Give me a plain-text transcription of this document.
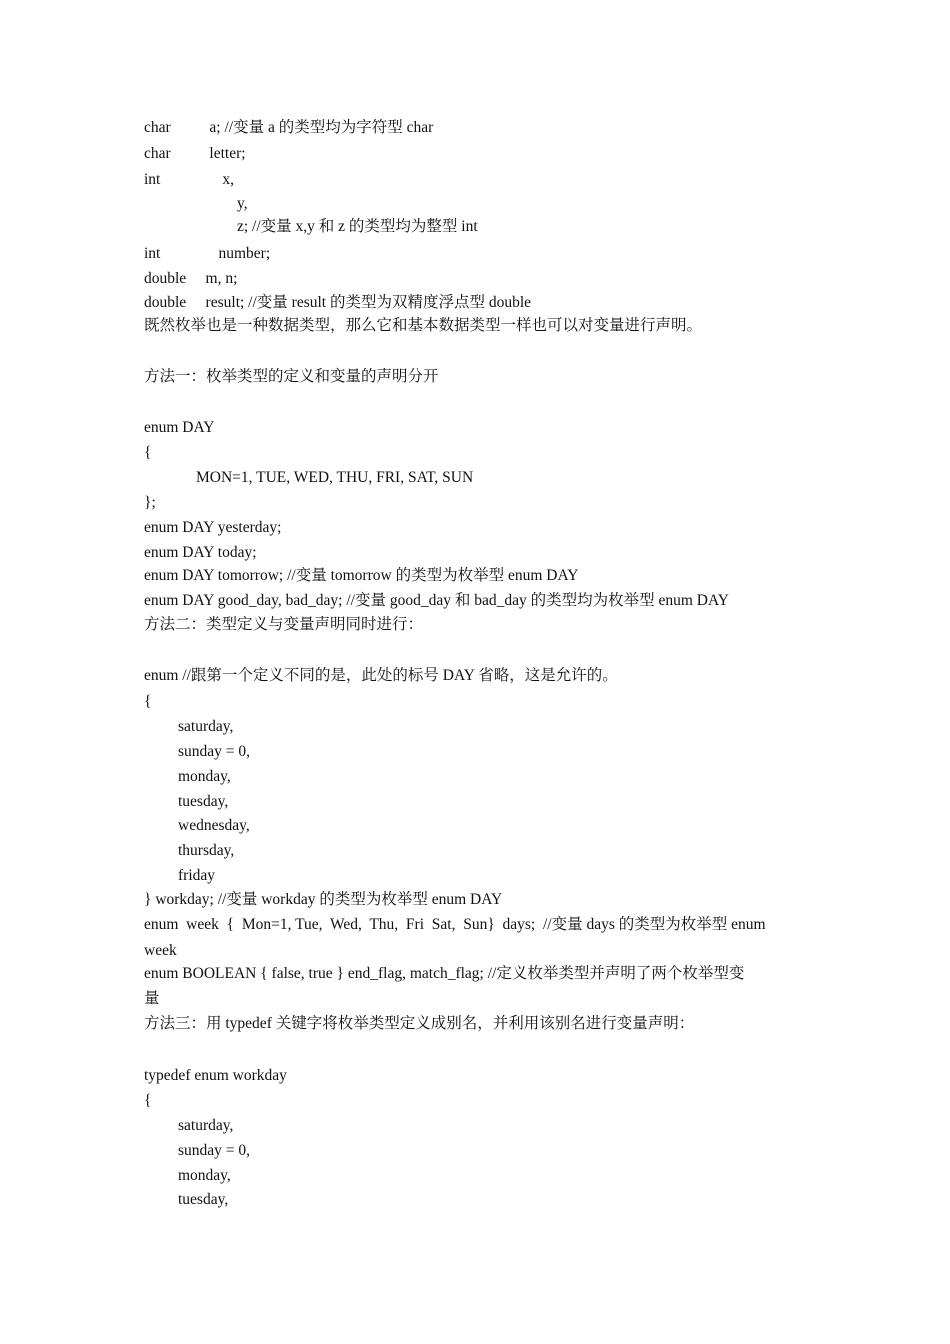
char          a; //变量 a 的类型均为字符型 char
char          letter;
int                x,
y,
z; //变量 x,y 和 z 的类型均为整型 int
int               number;
double     m, n;
double     result; //变量 result 的类型为双精度浮点型 double
既然枚举也是一种数据类型，那么它和基本数据类型一样也可以对变量进行声明。
方法一：枚举类型的定义和变量的声明分开
enum DAY
{
MON=1, TUE, WED, THU, FRI, SAT, SUN
};
enum DAY yesterday;
enum DAY today;
enum DAY tomorrow; //变量 tomorrow 的类型为枚举型 enum DAY
enum DAY good_day, bad_day; //变量 good_day 和 bad_day 的类型均为枚举型 enum DAY
方法二：类型定义与变量声明同时进行：
enum //跟第一个定义不同的是，此处的标号 DAY 省略，这是允许的。
{
saturday,
sunday = 0,
monday,
tuesday,
wednesday,
thursday,
friday
} workday; //变量 workday 的类型为枚举型 enum DAY
enum  week  {  Mon=1, Tue,  Wed,  Thu,  Fri  Sat,  Sun}  days;  //变量 days 的类型为枚举型 enum
week
enum BOOLEAN { false, true } end_flag, match_flag; //定义枚举类型并声明了两个枚举型变
量
方法三：用 typedef 关键字将枚举类型定义成别名，并利用该别名进行变量声明：
typedef enum workday
{
saturday,
sunday = 0,
monday,
tuesday,
